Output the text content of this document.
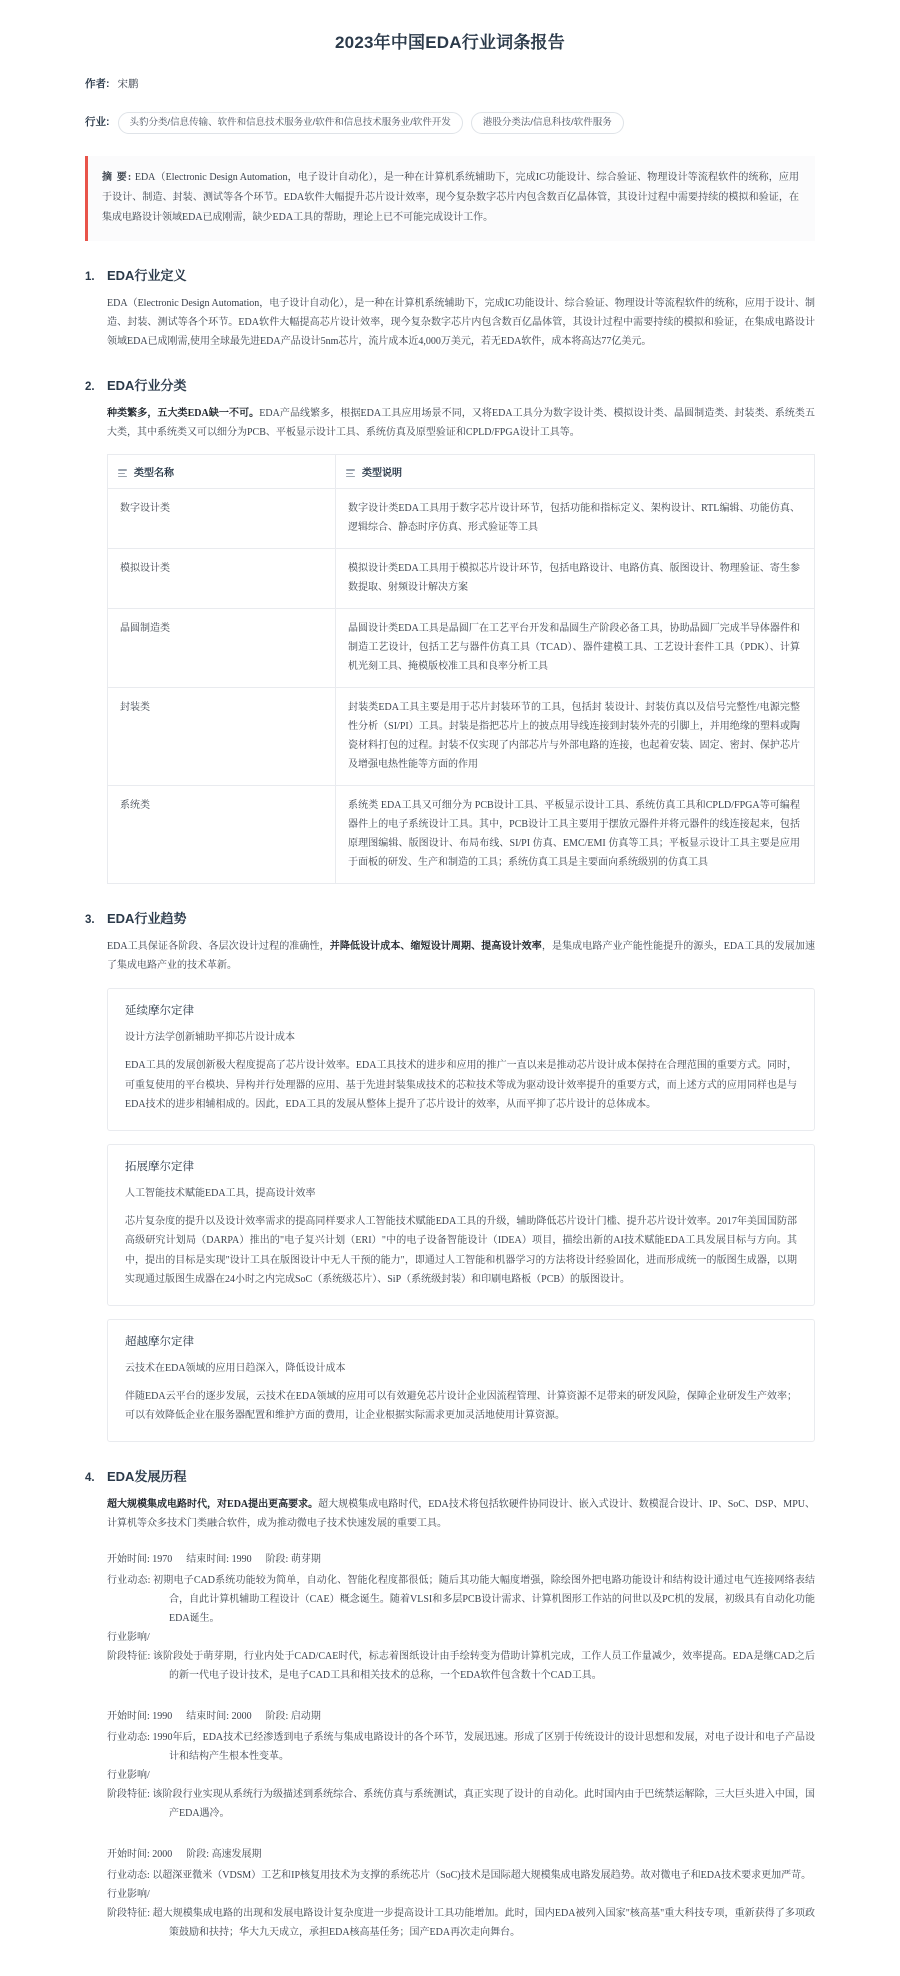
2023年中国EDA行业词条报告
作者: 宋鹏
行业:	头豹分类/信息传输、软件和信息技术服务业/软件和信息技术服务业/软件开发	港股分类法/信息科技/软件服务
摘 要: EDA（Electronic Design Automation，电子设计自动化），是一种在计算机系统辅助下，完成IC功能设计、综合验证、物理设计等流程软件的统称，应用于设计、制造、封装、测试等各个环节。EDA软件大幅提升芯片设计效率，现今复杂数字芯片内包含数百亿晶体管，其设计过程中需要持续的模拟和验证，在集成电路设计领域EDA已成刚需，缺少EDA工具的帮助，理论上已不可能完成设计工作。
1. EDA行业定义

EDA（Electronic Design Automation，电子设计自动化），是一种在计算机系统辅助下，完成IC功能设计、综合验证、物理设计等流程软件的统称，应用于设计、制造、封装、测试等各个环节。EDA软件大幅提高芯片设计效率，现今复杂数字芯片内包含数百亿晶体管，其设计过程中需要持续的模拟和验证，在集成电路设计领域EDA已成刚需,使用全球最先进EDA产品设计5nm芯片，流片成本近4,000万美元，若无EDA软件，成本将高达77亿美元。

2. EDA行业分类

种类繁多，五大类EDA缺一不可。EDA产品线繁多，根据EDA工具应用场景不同，又将EDA工具分为数字设计类、模拟设计类、晶圆制造类、封装类、系统类五大类，其中系统类又可以细分为PCB、平板显示设计工具、系统仿真及原型验证和CPLD/FPGA设计工具等。

类型名称	类型说明
数字设计类	数字设计类EDA工具用于数字芯片设计环节，包括功能和指标定义、架构设计、RTL编辑、功能仿真、逻辑综合、静态时序仿真、形式验证等工具
模拟设计类	模拟设计类EDA工具用于模拟芯片设计环节，包括电路设计、电路仿真、版图设计、物理验证、寄生参数提取、射频设计解决方案
晶圆制造类	晶圆设计类EDA工具是晶圆厂在工艺平台开发和晶圆生产阶段必备工具，协助晶圆厂完成半导体器件和制造工艺设计，包括工艺与器件仿真工具（TCAD）、器件建模工具、工艺设计套件工具（PDK）、计算机光刻工具、掩模版校准工具和良率分析工具
封装类	封装类EDA工具主要是用于芯片封装环节的工具，包括封 装设计、封装仿真以及信号完整性/电源完整性分析（SI/PI）工具。封装是指把芯片上的披点用导线连接到封装外壳的引脚上，并用绝缘的塑料或陶瓷材料打包的过程。封装不仅实现了内部芯片与外部电路的连接，也起着安装、固定、密封、保护芯片及增强电热性能等方面的作用
系统类	系统类 EDA工具又可细分为 PCB设计工具、平板显示设计工具、系统仿真工具和CPLD/FPGA等可编程器件上的电子系统设计工具。其中，PCB设计工具主要用于摆放元器件并将元器件的线连接起来，包括原理图编辑、版图设计、布局布线、SI/PI 仿真、EMC/EMI 仿真等工具；平板显示设计工具主要是应用于面板的研发、生产和制造的工具；系统仿真工具是主要面向系统级别的仿真工具
3. EDA行业趋势

EDA工具保证各阶段、各层次设计过程的准确性，并降低设计成本、缩短设计周期、提高设计效率，是集成电路产业产能性能提升的源头，EDA工具的发展加速了集成电路产业的技术革新。

延续摩尔定律
设计方法学创新辅助平抑芯片设计成本
EDA工具的发展创新极大程度提高了芯片设计效率。EDA工具技术的进步和应用的推广一直以来是推动芯片设计成本保持在合理范围的重要方式。同时，可重复使用的平台模块、异构并行处理器的应用、基于先进封装集成技术的芯粒技术等成为驱动设计效率提升的重要方式，而上述方式的应用同样也是与EDA技术的进步相辅相成的。因此，EDA工具的发展从整体上提升了芯片设计的效率，从而平抑了芯片设计的总体成本。
拓展摩尔定律
人工智能技术赋能EDA工具，提高设计效率
芯片复杂度的提升以及设计效率需求的提高同样要求人工智能技术赋能EDA工具的升级，辅助降低芯片设计门槛、提升芯片设计效率。2017年美国国防部高级研究计划局（DARPA）推出的"电子复兴计划（ERI）"中的电子设备智能设计（IDEA）项目，描绘出新的AI技术赋能EDA工具发展目标与方向。其中，提出的目标是实现"设计工具在版图设计中无人干预的能力"，即通过人工智能和机器学习的方法将设计经验固化，进而形成统一的版图生成器，以期实现通过版图生成器在24小时之内完成SoC（系统级芯片）、SiP（系统级封装）和印刷电路板（PCB）的版图设计。
超越摩尔定律
云技术在EDA领域的应用日趋深入，降低设计成本
伴随EDA云平台的逐步发展，云技术在EDA领域的应用可以有效避免芯片设计企业因流程管理、计算资源不足带来的研发风险，保障企业研发生产效率；可以有效降低企业在服务器配置和维护方面的费用，让企业根据实际需求更加灵活地使用计算资源。
4. EDA发展历程

超大规模集成电路时代，对EDA提出更高要求。超大规模集成电路时代，EDA技术将包括软硬件协同设计、嵌入式设计、数模混合设计、IP、SoC、DSP、MPU、计算机等众多技术门类融合软件，成为推动微电子技术快速发展的重要工具。

开始时间: 1970 结束时间: 1990 阶段: 萌芽期
行业动态: 初期电子CAD系统功能较为简单，自动化、智能化程度都很低；随后其功能大幅度增强，除绘图外把电路功能设计和结构设计通过电气连接网络表结合，自此计算机辅助工程设计（CAE）概念诞生。随着VLSI和多层PCB设计需求、计算机图形工作站的问世以及PC机的发展，初级具有自动化功能EDA诞生。
行业影响/
阶段特征: 该阶段处于萌芽期，行业内处于CAD/CAE时代，标志着图纸设计由手绘转变为借助计算机完成，工作人员工作量减少，效率提高。EDA是继CAD之后的新一代电子设计技术，是电子CAD工具和相关技术的总称，一个EDA软件包含数十个CAD工具。
开始时间: 1990 结束时间: 2000 阶段: 启动期
行业动态: 1990年后，EDA技术已经渗透到电子系统与集成电路设计的各个环节，发展迅速。形成了区别于传统设计的设计思想和发展，对电子设计和电子产品设计和结构产生根本性变革。
行业影响/
阶段特征: 该阶段行业实现从系统行为级描述到系统综合、系统仿真与系统测试，真正实现了设计的自动化。此时国内由于巴统禁运解除，三大巨头进入中国，国产EDA遇冷。
开始时间: 2000 阶段: 高速发展期
行业动态: 以超深亚微米（VDSM）工艺和IP核复用技术为支撑的系统芯片（SoC)技术是国际超大规模集成电路发展趋势。故对微电子和EDA技术要求更加严苛。
行业影响/
阶段特征: 超大规模集成电路的出现和发展电路设计复杂度进一步提高设计工具功能增加。此时，国内EDA被列入国家"核高基"重大科技专项，重新获得了多项政策鼓励和扶持；华大九天成立，承担EDA核高基任务；国产EDA再次走向舞台。
